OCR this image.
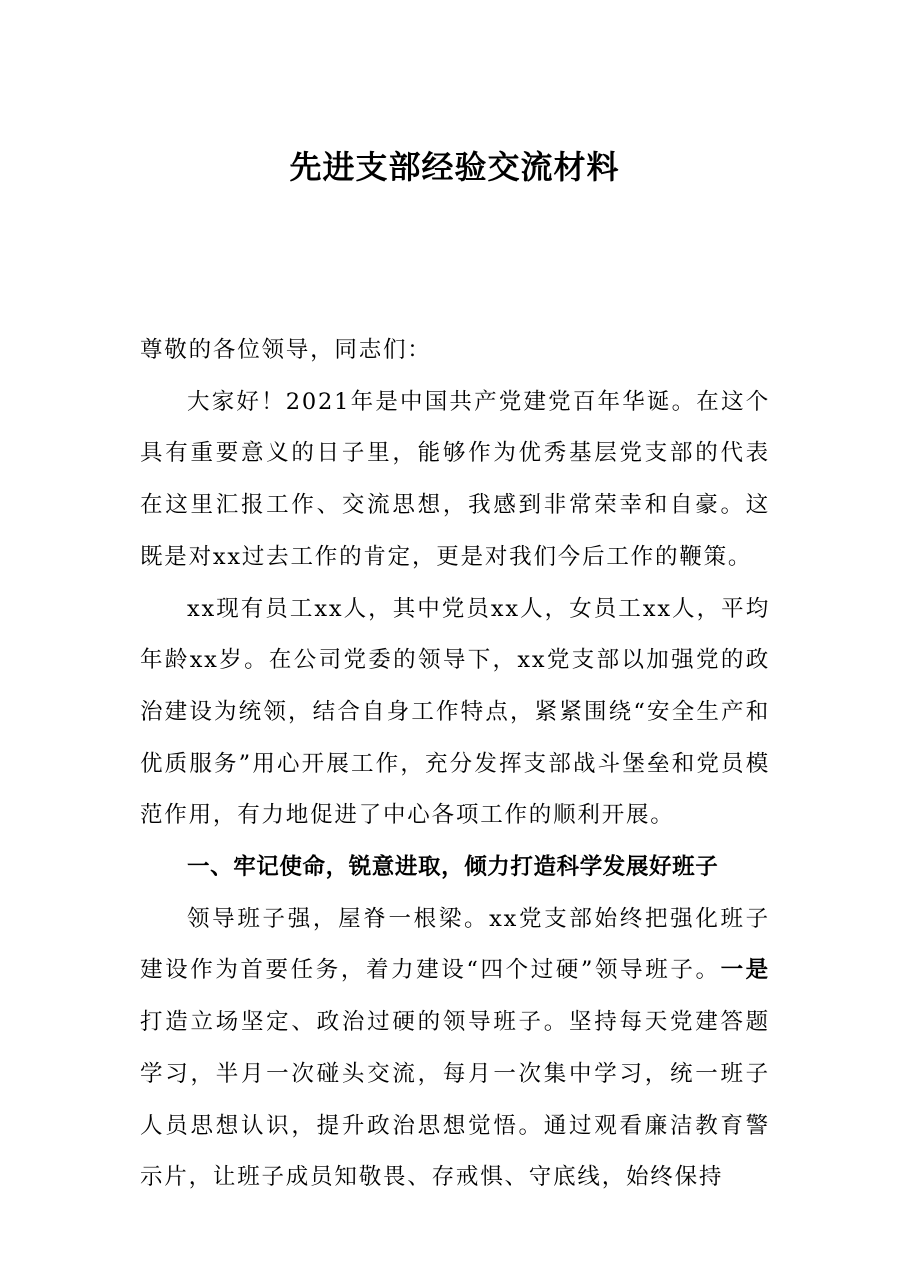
先进支部经验交流材料

尊敬的各位领导，同志们：

大家好！2021年是中国共产党建党百年华诞。在这个具有重要意义的日子里，能够作为优秀基层党支部的代表在这里汇报工作、交流思想，我感到非常荣幸和自豪。这既是对xx过去工作的肯定，更是对我们今后工作的鞭策。

xx现有员工xx人，其中党员xx人，女员工xx人，平均年龄xx岁。在公司党委的领导下，xx党支部以加强党的政治建设为统领，结合自身工作特点，紧紧围绕“安全生产和优质服务”用心开展工作，充分发挥支部战斗堡垒和党员模范作用，有力地促进了中心各项工作的顺利开展。

一、牢记使命，锐意进取，倾力打造科学发展好班子

领导班子强，屋脊一根梁。xx党支部始终把强化班子建设作为首要任务，着力建设“四个过硬”领导班子。一是打造立场坚定、政治过硬的领导班子。坚持每天党建答题学习，半月一次碰头交流，每月一次集中学习，统一班子人员思想认识，提升政治思想觉悟。通过观看廉洁教育警示片，让班子成员知敬畏、存戒惧、守底线，始终保持
